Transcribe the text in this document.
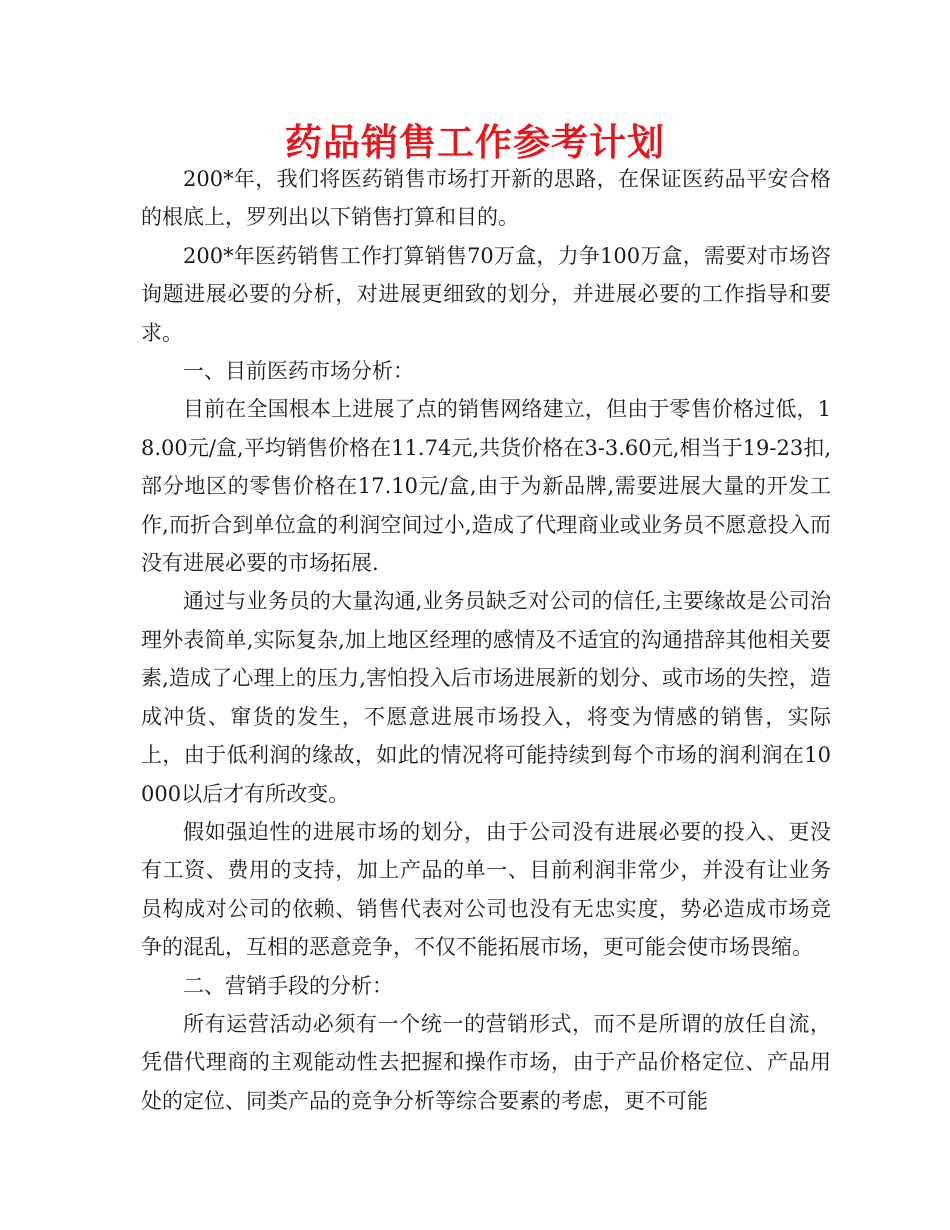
药品销售工作参考计划

200*年，我们将医药销售市场打开新的思路，在保证医药品平安合格的根底上，罗列出以下销售打算和目的。

200*年医药销售工作打算销售70万盒，力争100万盒，需要对市场咨询题进展必要的分析，对进展更细致的划分，并进展必要的工作指导和要求。

一、目前医药市场分析：

目前在全国根本上进展了点的销售网络建立，但由于零售价格过低，18.00元/盒,平均销售价格在11.74元,共货价格在3-3.60元,相当于19-23扣,部分地区的零售价格在17.10元/盒,由于为新品牌,需要进展大量的开发工作,而折合到单位盒的利润空间过小,造成了代理商业或业务员不愿意投入而没有进展必要的市场拓展.

通过与业务员的大量沟通,业务员缺乏对公司的信任,主要缘故是公司治理外表简单,实际复杂,加上地区经理的感情及不适宜的沟通措辞其他相关要素,造成了心理上的压力,害怕投入后市场进展新的划分、或市场的失控，造成冲货、窜货的发生，不愿意进展市场投入，将变为情感的销售，实际上，由于低利润的缘故，如此的情况将可能持续到每个市场的润利润在10000以后才有所改变。

假如强迫性的进展市场的划分，由于公司没有进展必要的投入、更没有工资、费用的支持，加上产品的单一、目前利润非常少，并没有让业务员构成对公司的依赖、销售代表对公司也没有无忠实度，势必造成市场竞争的混乱，互相的恶意竞争，不仅不能拓展市场，更可能会使市场畏缩。

二、营销手段的分析：

所有运营活动必须有一个统一的营销形式，而不是所谓的放任自流，凭借代理商的主观能动性去把握和操作市场，由于产品价格定位、产品用处的定位、同类产品的竞争分析等综合要素的考虑，更不可能
